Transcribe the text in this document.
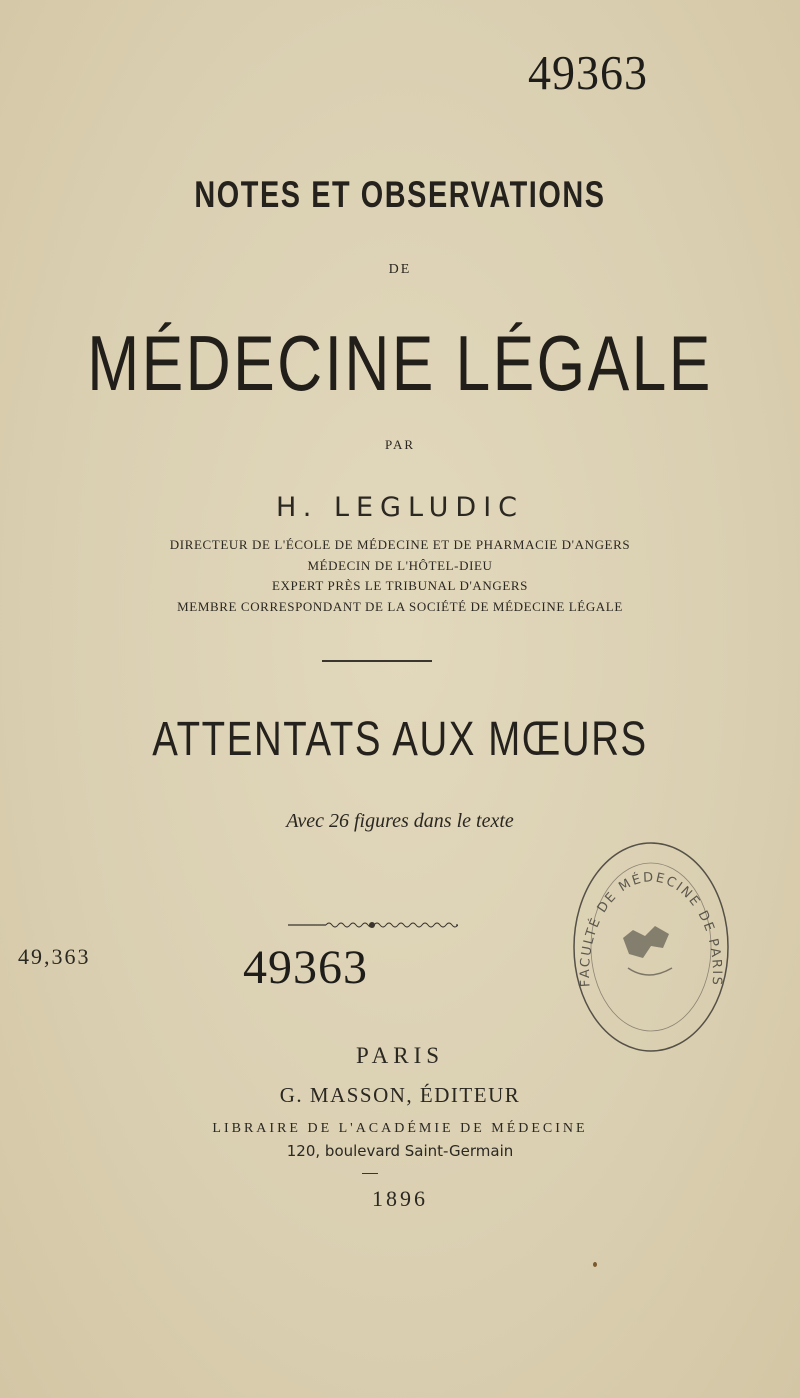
49363
NOTES ET OBSERVATIONS
DE
MÉDECINE LÉGALE
PAR
H. LEGLUDIC
DIRECTEUR DE L'ÉCOLE DE MÉDECINE ET DE PHARMACIE D'ANGERS
MÉDECIN DE L'HÔTEL-DIEU
EXPERT PRÈS LE TRIBUNAL D'ANGERS
MEMBRE CORRESPONDANT DE LA SOCIÉTÉ DE MÉDECINE LÉGALE
ATTENTATS AUX MŒURS
Avec 26 figures dans le texte
49,363	49363	FACULTÉ DE MÉDECINE DE PARIS
PARIS
G. MASSON, ÉDITEUR
LIBRAIRE DE L'ACADÉMIE DE MÉDECINE
120, boulevard Saint-Germain
1896
